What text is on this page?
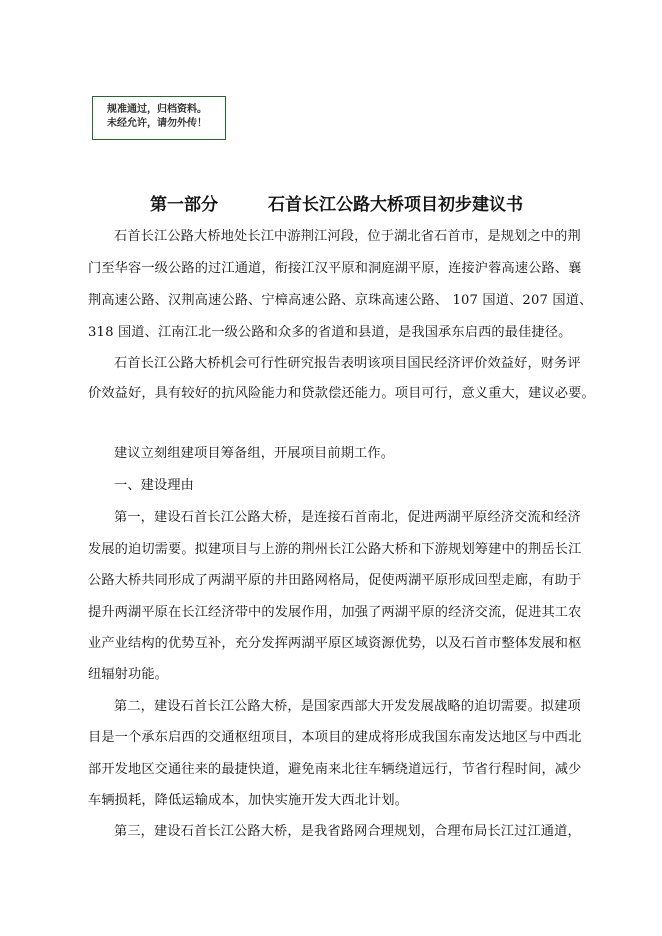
规准通过，归档资料。
未经允许，请勿外传！
第一部分	石首长江公路大桥项目初步建议书
石首长江公路大桥地处长江中游荆江河段，位于湖北省石首市，是规划之中的荆
门至华容一级公路的过江通道，衔接江汉平原和洞庭湖平原，连接沪蓉高速公路、襄
荆高速公路、汉荆高速公路、宁樟高速公路、京珠高速公路、 107 国道、207 国道、
318 国道、江南江北一级公路和众多的省道和县道，是我国承东启西的最佳捷径。
石首长江公路大桥机会可行性研究报告表明该项目国民经济评价效益好，财务评
价效益好，具有较好的抗风险能力和贷款偿还能力。项目可行，意义重大，建议必要。
建议立刻组建项目筹备组，开展项目前期工作。
一、建设理由
第一，建设石首长江公路大桥，是连接石首南北，促进两湖平原经济交流和经济
发展的迫切需要。拟建项目与上游的荆州长江公路大桥和下游规划筹建中的荆岳长江
公路大桥共同形成了两湖平原的井田路网格局，促使两湖平原形成回型走廊，有助于
提升两湖平原在长江经济带中的发展作用，加强了两湖平原的经济交流，促进其工农
业产业结构的优势互补，充分发挥两湖平原区域资源优势，以及石首市整体发展和枢
纽辐射功能。
第二，建设石首长江公路大桥，是国家西部大开发发展战略的迫切需要。拟建项
目是一个承东启西的交通枢纽项目，本项目的建成将形成我国东南发达地区与中西北
部开发地区交通往来的最捷快道，避免南来北往车辆绕道远行，节省行程时间，减少
车辆损耗，降低运输成本，加快实施开发大西北计划。
第三，建设石首长江公路大桥，是我省路网合理规划，合理布局长江过江通道，
